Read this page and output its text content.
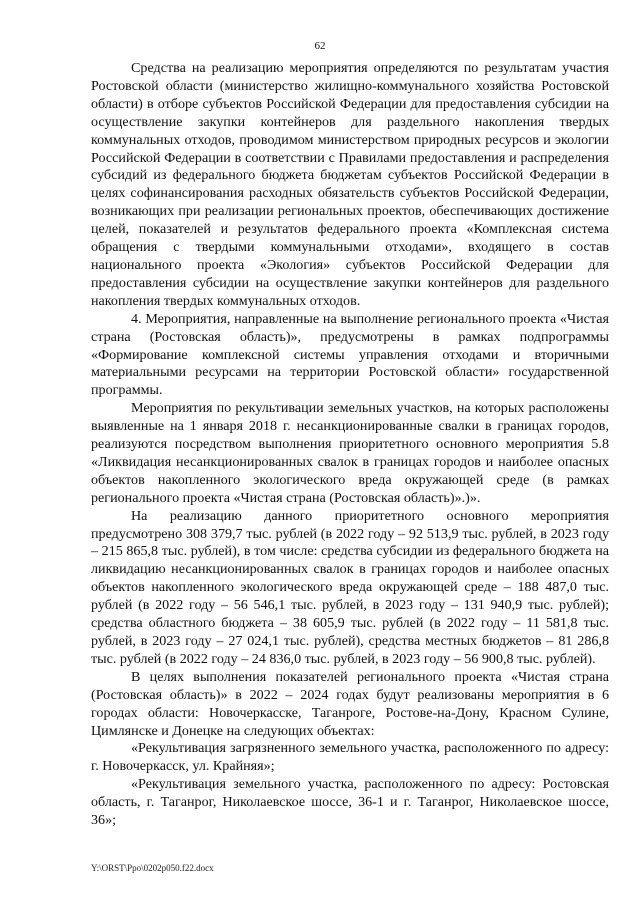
62

Средства на реализацию мероприятия определяются по результатам участия Ростовской области (министерство жилищно-коммунального хозяйства Ростовской области) в отборе субъектов Российской Федерации для предоставления субсидии на осуществление закупки контейнеров для раздельного накопления твердых коммунальных отходов, проводимом министерством природных ресурсов и экологии Российской Федерации в соответствии с Правилами предоставления и распределения субсидий из федерального бюджета бюджетам субъектов Российской Федерации в целях софинансирования расходных обязательств субъектов Российской Федерации, возникающих при реализации региональных проектов, обеспечивающих достижение целей, показателей и результатов федерального проекта «Комплексная система обращения с твердыми коммунальными отходами», входящего в состав национального проекта «Экология» субъектов Российской Федерации для предоставления субсидии на осуществление закупки контейнеров для раздельного накопления твердых коммунальных отходов.

4. Мероприятия, направленные на выполнение регионального проекта «Чистая страна (Ростовская область)», предусмотрены в рамках подпрограммы «Формирование комплексной системы управления отходами и вторичными материальными ресурсами на территории Ростовской области» государственной программы.

Мероприятия по рекультивации земельных участков, на которых расположены выявленные на 1 января 2018 г. несанкционированные свалки в границах городов, реализуются посредством выполнения приоритетного основного мероприятия 5.8 «Ликвидация несанкционированных свалок в границах городов и наиболее опасных объектов накопленного экологического вреда окружающей среде (в рамках регионального проекта «Чистая страна (Ростовская область)».)».

На реализацию данного приоритетного основного мероприятия предусмотрено 308 379,7 тыс. рублей (в 2022 году – 92 513,9 тыс. рублей, в 2023 году – 215 865,8 тыс. рублей), в том числе: средства субсидии из федерального бюджета на ликвидацию несанкционированных свалок в границах городов и наиболее опасных объектов накопленного экологического вреда окружающей среде – 188 487,0 тыс. рублей (в 2022 году – 56 546,1 тыс. рублей, в 2023 году – 131 940,9 тыс. рублей); средства областного бюджета – 38 605,9 тыс. рублей (в 2022 году – 11 581,8 тыс. рублей, в 2023 году – 27 024,1 тыс. рублей), средства местных бюджетов – 81 286,8 тыс. рублей (в 2022 году – 24 836,0 тыс. рублей, в 2023 году – 56 900,8 тыс. рублей).

В целях выполнения показателей регионального проекта «Чистая страна (Ростовская область)» в 2022 – 2024 годах будут реализованы мероприятия в 6 городах области: Новочеркасске, Таганроге, Ростове-на-Дону, Красном Сулине, Цимлянске и Донецке на следующих объектах:

«Рекультивация загрязненного земельного участка, расположенного по адресу: г. Новочеркасск, ул. Крайняя»;

«Рекультивация земельного участка, расположенного по адресу: Ростовская область, г. Таганрог, Николаевское шоссе, 36-1 и г. Таганрог, Николаевское шоссе, 36»;

Y:\ORST\Ppo\0202p050.f22.docx
